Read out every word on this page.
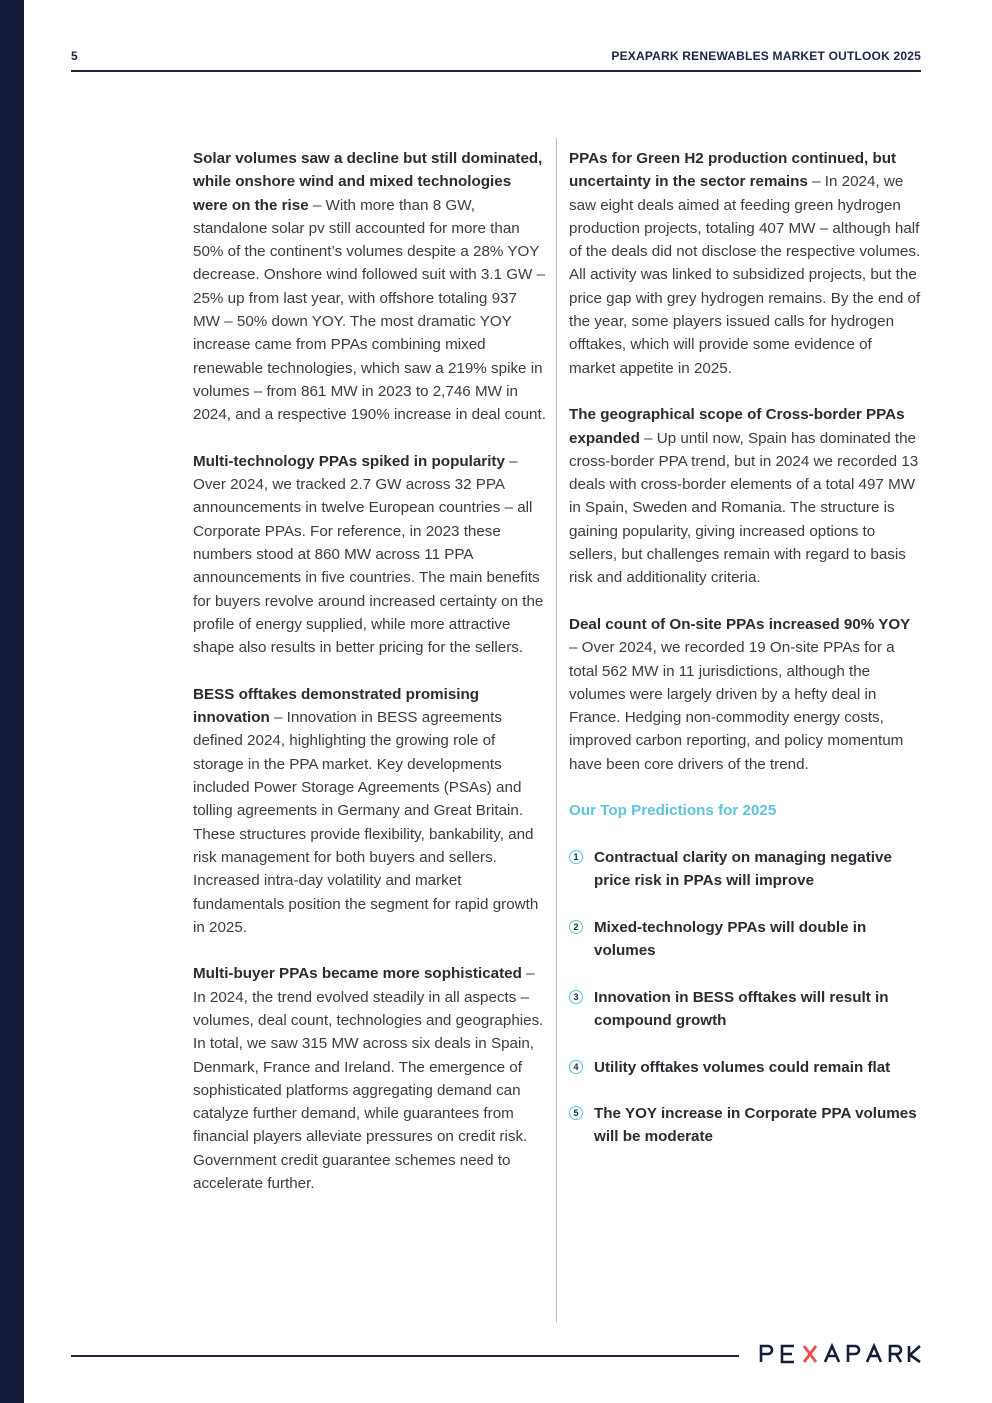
5	PEXAPARK RENEWABLES MARKET OUTLOOK 2025

Solar volumes saw a decline but still dominated, while onshore wind and mixed technologies were on the rise – With more than 8 GW, standalone solar pv still accounted for more than 50% of the continent’s volumes despite a 28% YOY decrease. Onshore wind followed suit with 3.1 GW – 25% up from last year, with offshore totaling 937 MW – 50% down YOY. The most dramatic YOY increase came from PPAs combining mixed renewable technologies, which saw a 219% spike in volumes – from 861 MW in 2023 to 2,746 MW in 2024, and a respective 190% increase in deal count.

Multi-technology PPAs spiked in popularity – Over 2024, we tracked 2.7 GW across 32 PPA announcements in twelve European countries – all Corporate PPAs. For reference, in 2023 these numbers stood at 860 MW across 11 PPA announcements in five countries. The main benefits for buyers revolve around increased certainty on the profile of energy supplied, while more attractive shape also results in better pricing for the sellers.

BESS offtakes demonstrated promising innovation – Innovation in BESS agreements defined 2024, highlighting the growing role of storage in the PPA market. Key developments included Power Storage Agreements (PSAs) and tolling agreements in Germany and Great Britain. These structures provide flexibility, bankability, and risk management for both buyers and sellers. Increased intra-day volatility and market fundamentals position the segment for rapid growth in 2025.

Multi-buyer PPAs became more sophisticated – In 2024, the trend evolved steadily in all aspects – volumes, deal count, technologies and geographies. In total, we saw 315 MW across six deals in Spain, Denmark, France and Ireland. The emergence of sophisticated platforms aggregating demand can catalyze further demand, while guarantees from financial players alleviate pressures on credit risk. Government credit guarantee schemes need to accelerate further.

PPAs for Green H2 production continued, but uncertainty in the sector remains – In 2024, we saw eight deals aimed at feeding green hydrogen production projects, totaling 407 MW – although half of the deals did not disclose the respective volumes. All activity was linked to subsidized projects, but the price gap with grey hydrogen remains. By the end of the year, some players issued calls for hydrogen offtakes, which will provide some evidence of market appetite in 2025.

The geographical scope of Cross-border PPAs expanded – Up until now, Spain has dominated the cross-border PPA trend, but in 2024 we recorded 13 deals with cross-border elements of a total 497 MW in Spain, Sweden and Romania. The structure is gaining popularity, giving increased options to sellers, but challenges remain with regard to basis risk and additionality criteria.

Deal count of On-site PPAs increased 90% YOY – Over 2024, we recorded 19 On-site PPAs for a total 562 MW in 11 jurisdictions, although the volumes were largely driven by a hefty deal in France. Hedging non-commodity energy costs, improved carbon reporting, and policy momentum have been core drivers of the trend.

Our Top Predictions for 2025

1 Contractual clarity on managing negative price risk in PPAs will improve
2 Mixed-technology PPAs will double in volumes
3 Innovation in BESS offtakes will result in compound growth
4 Utility offtakes volumes could remain flat
5 The YOY increase in Corporate PPA volumes will be moderate
